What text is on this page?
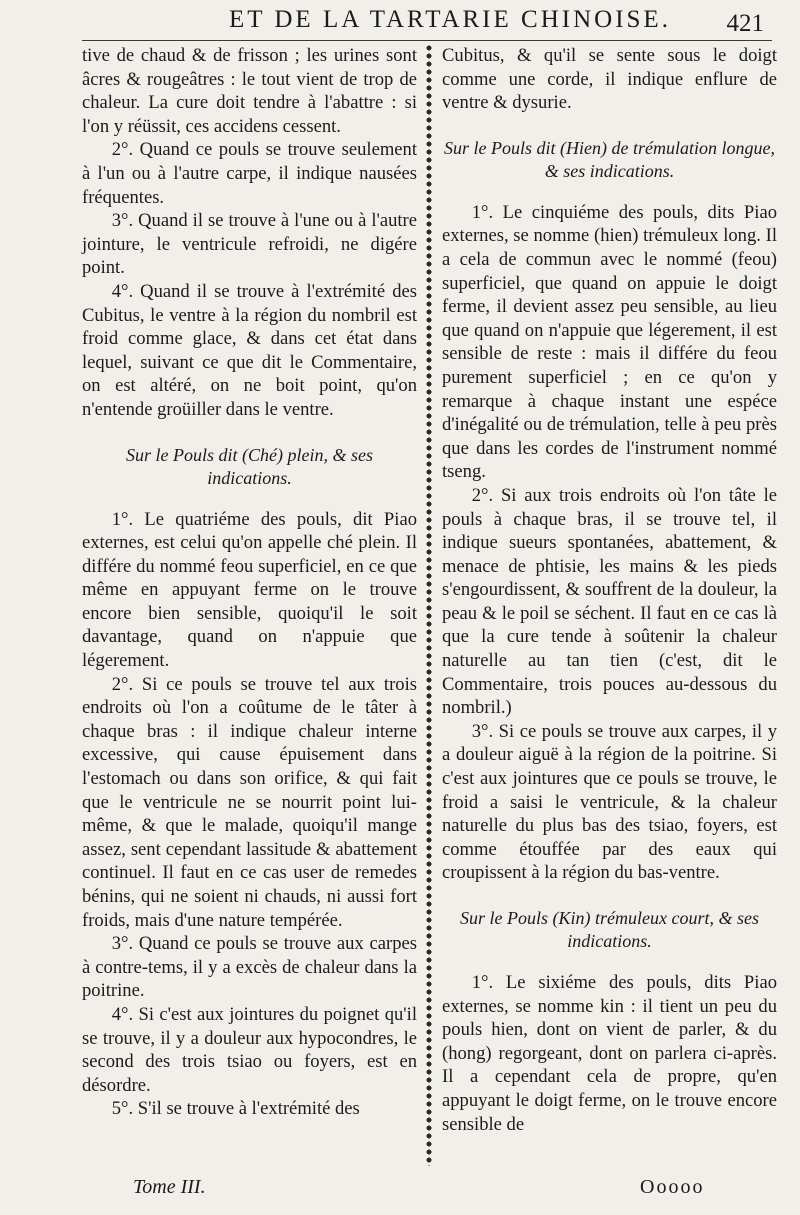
ET DE LA TARTARIE CHINOISE.	421

tive de chaud & de frisson ; les urines sont âcres & rougeâtres : le tout vient de trop de chaleur. La cure doit tendre à l'abattre : si l'on y réüssit, ces accidens cessent.

2°. Quand ce pouls se trouve seulement à l'un ou à l'autre carpe, il indique nausées fréquentes.

3°. Quand il se trouve à l'une ou à l'autre jointure, le ventricule refroidi, ne digére point.

4°. Quand il se trouve à l'extrémité des Cubitus, le ventre à la région du nombril est froid comme glace, & dans cet état dans lequel, suivant ce que dit le Commentaire, on est altéré, on ne boit point, qu'on n'entende groüiller dans le ventre.

Sur le Pouls dit (Ché) plein, & ses indications.

1°. Le quatriéme des pouls, dit Piao externes, est celui qu'on appelle ché plein. Il différe du nommé feou superficiel, en ce que même en appuyant ferme on le trouve encore bien sensible, quoiqu'il le soit davantage, quand on n'appuie que légerement.

2°. Si ce pouls se trouve tel aux trois endroits où l'on a coûtume de le tâter à chaque bras : il indique chaleur interne excessive, qui cause épuisement dans l'estomach ou dans son orifice, & qui fait que le ventricule ne se nourrit point lui-même, & que le malade, quoiqu'il mange assez, sent cependant lassitude & abattement continuel. Il faut en ce cas user de remedes bénins, qui ne soient ni chauds, ni aussi fort froids, mais d'une nature tempérée.

3°. Quand ce pouls se trouve aux carpes à contre-tems, il y a excès de chaleur dans la poitrine.

4°. Si c'est aux jointures du poignet qu'il se trouve, il y a douleur aux hypocondres, le second des trois tsiao ou foyers, est en désordre.

5°. S'il se trouve à l'extrémité des

Cubitus, & qu'il se sente sous le doigt comme une corde, il indique enflure de ventre & dysurie.

Sur le Pouls dit (Hien) de trémulation longue, & ses indications.

1°. Le cinquiéme des pouls, dits Piao externes, se nomme (hien) trémuleux long. Il a cela de commun avec le nommé (feou) superficiel, que quand on appuie le doigt ferme, il devient assez peu sensible, au lieu que quand on n'appuie que légerement, il est sensible de reste : mais il différe du feou purement superficiel ; en ce qu'on y remarque à chaque instant une espéce d'inégalité ou de trémulation, telle à peu près que dans les cordes de l'instrument nommé tseng.

2°. Si aux trois endroits où l'on tâte le pouls à chaque bras, il se trouve tel, il indique sueurs spontanées, abattement, & menace de phtisie, les mains & les pieds s'engourdissent, & souffrent de la douleur, la peau & le poil se séchent. Il faut en ce cas là que la cure tende à soûtenir la chaleur naturelle au tan tien (c'est, dit le Commentaire, trois pouces au-dessous du nombril.)

3°. Si ce pouls se trouve aux carpes, il y a douleur aiguë à la région de la poitrine. Si c'est aux jointures que ce pouls se trouve, le froid a saisi le ventricule, & la chaleur naturelle du plus bas des tsiao, foyers, est comme étouffée par des eaux qui croupissent à la région du bas-ventre.

Sur le Pouls (Kin) trémuleux court, & ses indications.

1°. Le sixiéme des pouls, dits Piao externes, se nomme kin : il tient un peu du pouls hien, dont on vient de parler, & du (hong) regorgeant, dont on parlera ci-après. Il a cependant cela de propre, qu'en appuyant le doigt ferme, on le trouve encore sensible de

Tome III.	Ooooo
